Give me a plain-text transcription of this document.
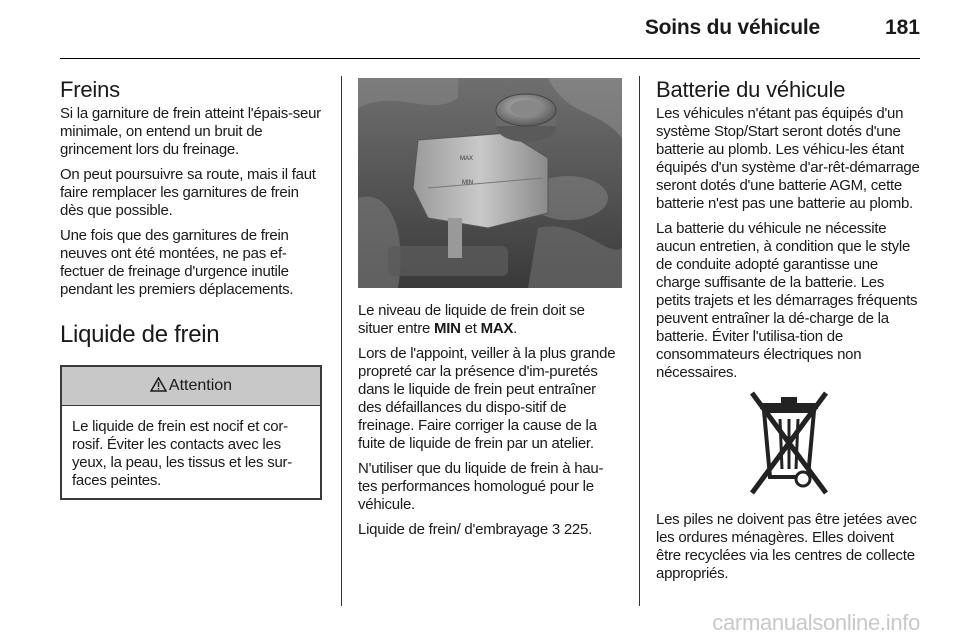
Soins du véhicule	181
Freins

Si la garniture de frein atteint l'épais-seur minimale, on entend un bruit de grincement lors du freinage.

On peut poursuivre sa route, mais il faut faire remplacer les garnitures de frein dès que possible.

Une fois que des garnitures de frein neuves ont été montées, ne pas ef-fectuer de freinage d'urgence inutile pendant les premiers déplacements.

Liquide de frein
Attention

Le liquide de frein est nocif et cor-rosif. Éviter les contacts avec les yeux, la peau, les tissus et les sur-faces peintes.

MAX
MIN

Le niveau de liquide de frein doit se situer entre MIN et MAX.

Lors de l'appoint, veiller à la plus grande propreté car la présence d'im-puretés dans le liquide de frein peut entraîner des défaillances du dispo-sitif de freinage. Faire corriger la cause de la fuite de liquide de frein par un atelier.

N'utiliser que du liquide de frein à hau-tes performances homologué pour le véhicule.

Liquide de frein/ d'embrayage 3 225.

Batterie du véhicule

Les véhicules n'étant pas équipés d'un système Stop/Start seront dotés d'une batterie au plomb. Les véhicu-les étant équipés d'un système d'ar-rêt-démarrage seront dotés d'une batterie AGM, cette batterie n'est pas une batterie au plomb.

La batterie du véhicule ne nécessite aucun entretien, à condition que le style de conduite adopté garantisse une charge suffisante de la batterie. Les petits trajets et les démarrages fréquents peuvent entraîner la dé-charge de la batterie. Éviter l'utilisa-tion de consommateurs électriques non nécessaires.

Les piles ne doivent pas être jetées avec les ordures ménagères. Elles doivent être recyclées via les centres de collecte appropriés.

carmanualsonline.info
